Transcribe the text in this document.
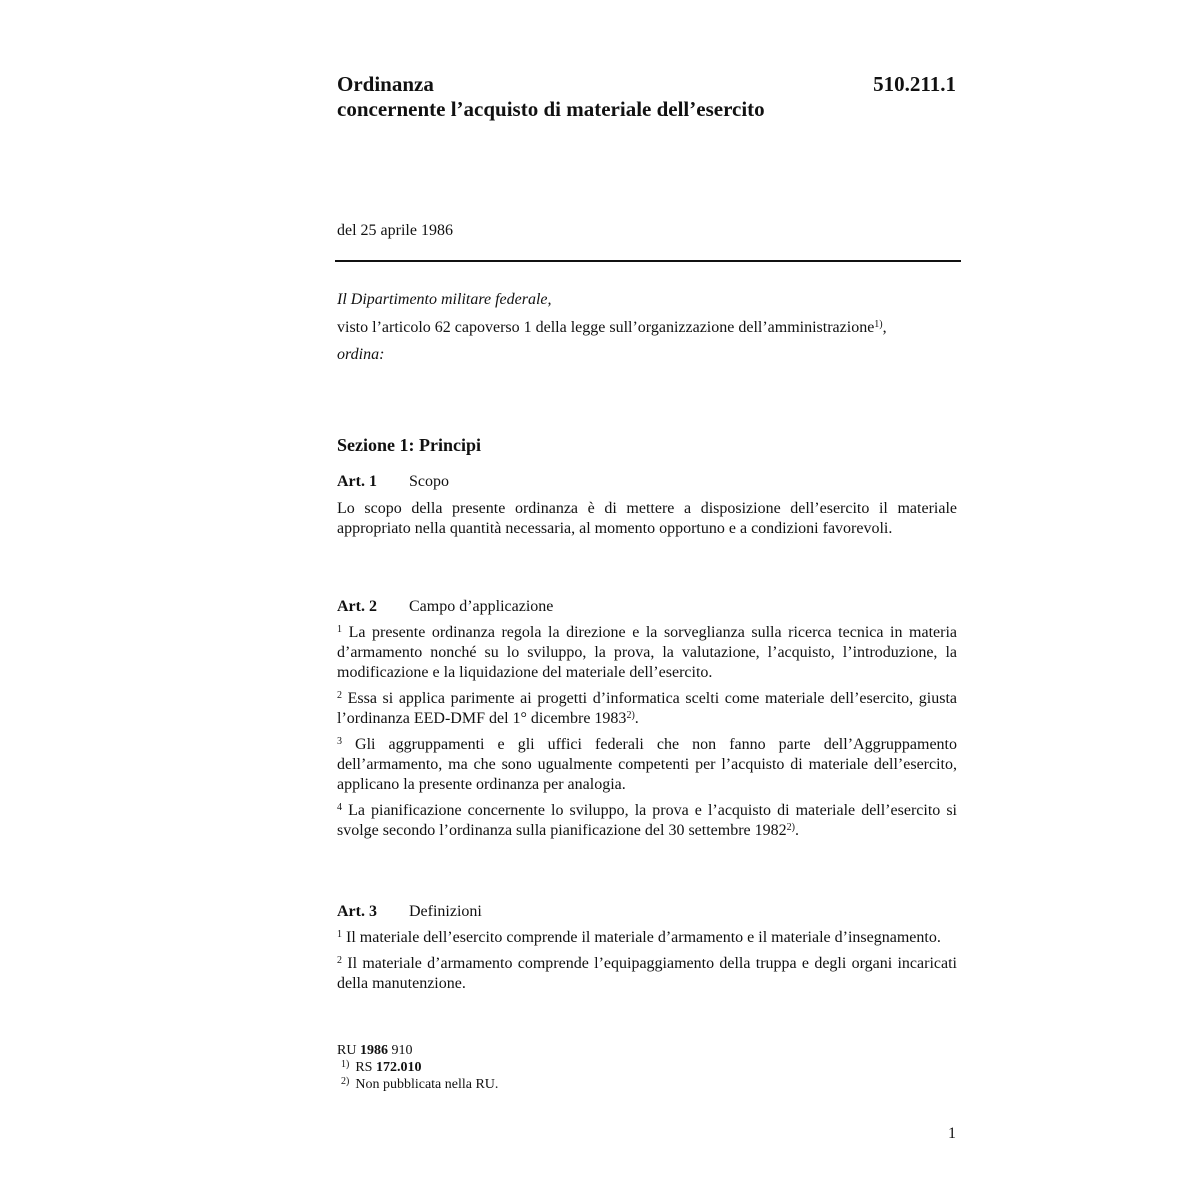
Ordinanza
concernente l’acquisto di materiale dell’esercito
510.211.1
del 25 aprile 1986

Il Dipartimento militare federale,

visto l’articolo 62 capoverso 1 della legge sull’organizzazione dell’amministrazione$^{1)}$,

ordina:

Sezione 1: Principi
Art. 1 Scopo

Lo scopo della presente ordinanza è di mettere a disposizione dell’esercito il materiale appropriato nella quantità necessaria, al momento opportuno e a condizioni favorevoli.

Art. 2 Campo d’applicazione

$^1$ La presente ordinanza regola la direzione e la sorveglianza sulla ricerca tecnica in materia d’armamento nonché su lo sviluppo, la prova, la valutazione, l’acquisto, l’introduzione, la modificazione e la liquidazione del materiale dell’esercito.

$^2$ Essa si applica parimente ai progetti d’informatica scelti come materiale dell’esercito, giusta l’ordinanza EED-DMF del 1° dicembre 1983$^{2)}$.

$^3$ Gli aggruppamenti e gli uffici federali che non fanno parte dell’Aggruppamento dell’armamento, ma che sono ugualmente competenti per l’acquisto di materiale dell’esercito, applicano la presente ordinanza per analogia.

$^4$ La pianificazione concernente lo sviluppo, la prova e l’acquisto di materiale dell’esercito si svolge secondo l’ordinanza sulla pianificazione del 30 settembre 1982$^{2)}$.

Art. 3 Definizioni

$^1$ Il materiale dell’esercito comprende il materiale d’armamento e il materiale d’insegnamento.

$^2$ Il materiale d’armamento comprende l’equipaggiamento della truppa e degli organi incaricati della manutenzione.

RU 1986 910
$^{1)}$ RS 172.010
$^{2)}$ Non pubblicata nella RU.
1
